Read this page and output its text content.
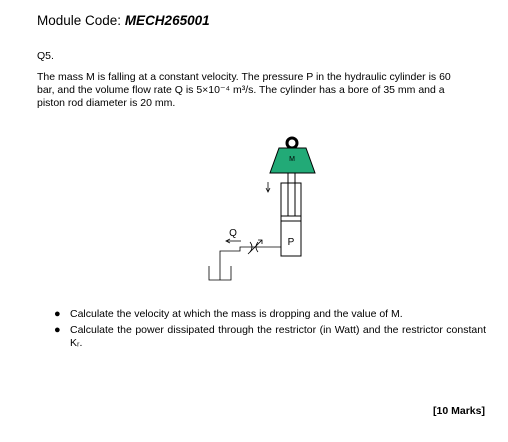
Module Code: MECH265001
Q5.
The mass M is falling at a constant velocity. The pressure P in the hydraulic cylinder is 60
bar, and the volume flow rate Q is 5×10⁻⁴ m³/s. The cylinder has a bore of 35 mm and a
piston rod diameter is 20 mm.
M
P
Q
● Calculate the velocity at which the mass is dropping and the value of M.
● Calculate the power dissipated through the restrictor (in Watt) and the restrictor constant Kᵣ.
[10 Marks]
